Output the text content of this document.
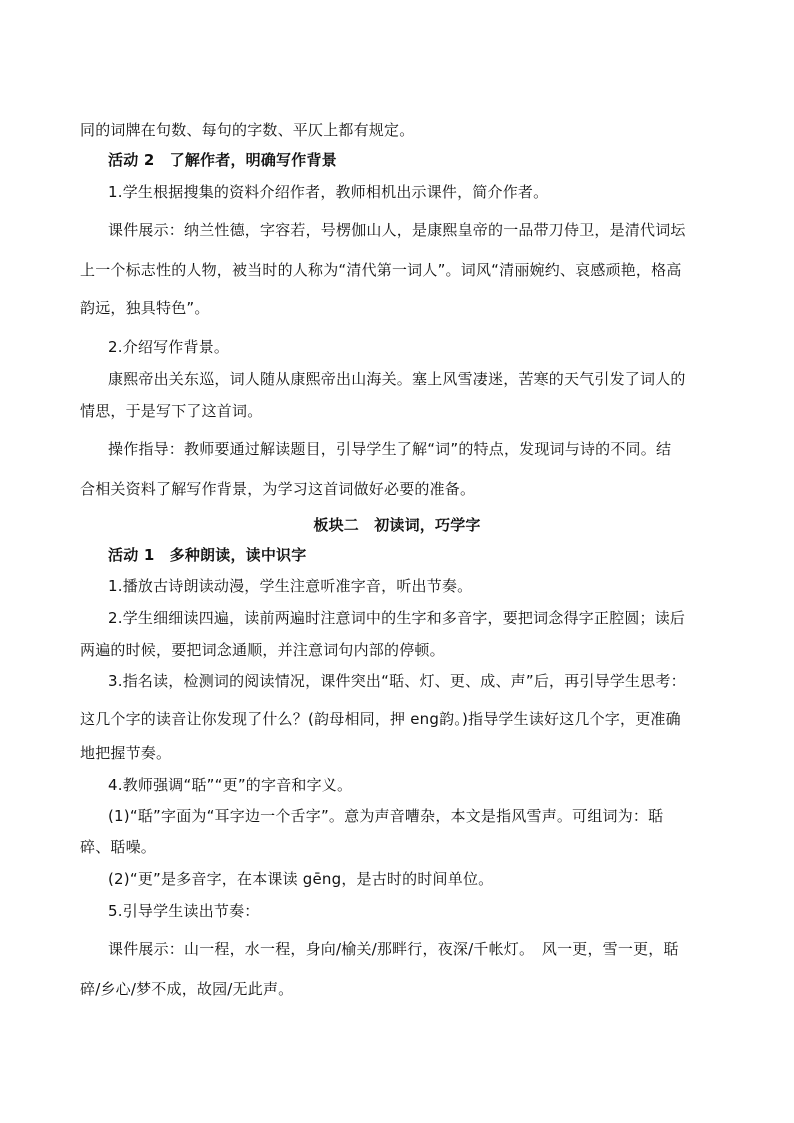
同的词牌在句数、每句的字数、平仄上都有规定。
活动 2　了解作者，明确写作背景
1.学生根据搜集的资料介绍作者，教师相机出示课件，简介作者。
课件展示：纳兰性德，字容若，号楞伽山人，是康熙皇帝的一品带刀侍卫，是清代词坛
上一个标志性的人物，被当时的人称为“清代第一词人”。词风“清丽婉约、哀感顽艳，格高
韵远，独具特色”。
2.介绍写作背景。
康熙帝出关东巡，词人随从康熙帝出山海关。塞上风雪凄迷，苦寒的天气引发了词人的
情思，于是写下了这首词。
操作指导：教师要通过解读题目，引导学生了解“词”的特点，发现词与诗的不同。结
合相关资料了解写作背景，为学习这首词做好必要的准备。
板块二　初读词，巧学字
活动 1　多种朗读，读中识字
1.播放古诗朗读动漫，学生注意听准字音，听出节奏。
2.学生细细读四遍，读前两遍时注意词中的生字和多音字，要把词念得字正腔圆；读后
两遍的时候，要把词念通顺，并注意词句内部的停顿。
3.指名读，检测词的阅读情况，课件突出“聒、灯、更、成、声”后，再引导学生思考：
这几个字的读音让你发现了什么？(韵母相同，押 eng韵。)指导学生读好这几个字，更准确
地把握节奏。
4.教师强调“聒”“更”的字音和字义。
(1)“聒”字面为“耳字边一个舌字”。意为声音嘈杂，本文是指风雪声。可组词为：聒
碎、聒噪。
(2)“更”是多音字，在本课读 gēng，是古时的时间单位。
5.引导学生读出节奏：
课件展示：山一程，水一程，身向/榆关/那畔行，夜深/千帐灯。　风一更，雪一更，聒
碎/乡心/梦不成，故园/无此声。
